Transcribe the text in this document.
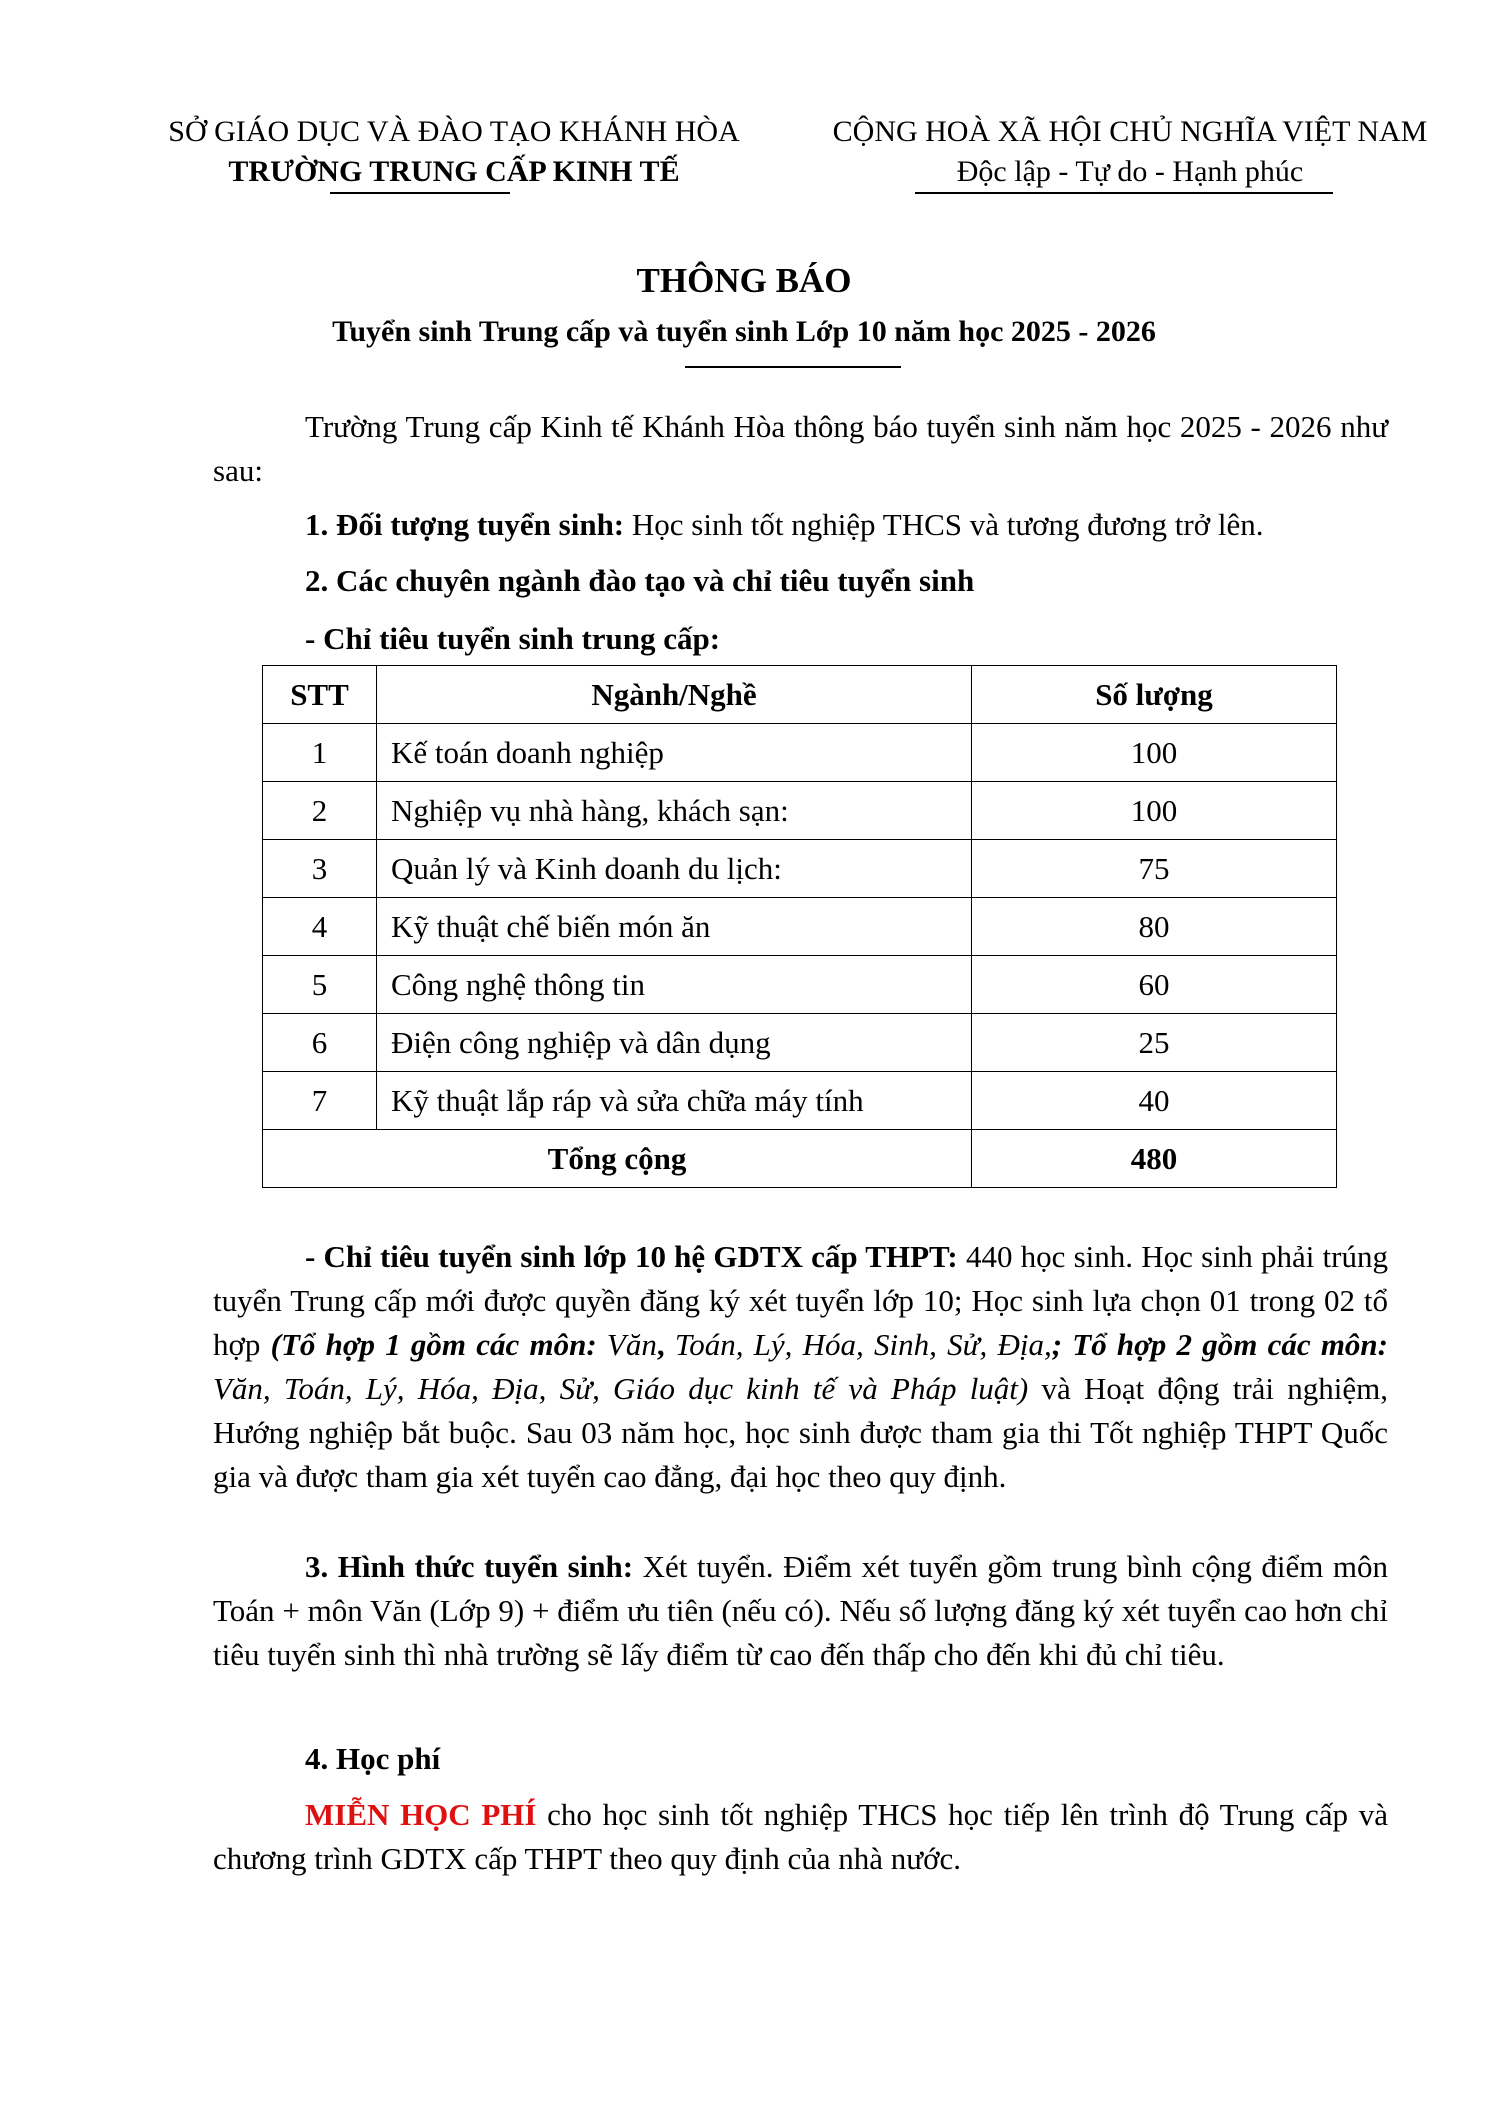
SỞ GIÁO DỤC VÀ ĐÀO TẠO KHÁNH HÒA
TRƯỜNG TRUNG CẤP KINH TẾ
CỘNG HOÀ XÃ HỘI CHỦ NGHĨA VIỆT NAM
Độc lập - Tự do - Hạnh phúc
THÔNG BÁO
Tuyển sinh Trung cấp và tuyển sinh Lớp 10 năm học 2025 - 2026
Trường Trung cấp Kinh tế Khánh Hòa thông báo tuyển sinh năm học 2025 - 2026 như sau:
1. Đối tượng tuyển sinh: Học sinh tốt nghiệp THCS và tương đương trở lên.
2. Các chuyên ngành đào tạo và chỉ tiêu tuyển sinh
- Chỉ tiêu tuyển sinh trung cấp:
STT	Ngành/Nghề	Số lượng
1	Kế toán doanh nghiệp	100
2	Nghiệp vụ nhà hàng, khách sạn:	100
3	Quản lý và Kinh doanh du lịch:	75
4	Kỹ thuật chế biến món ăn	80
5	Công nghệ thông tin	60
6	Điện công nghiệp và dân dụng	25
7	Kỹ thuật lắp ráp và sửa chữa máy tính	40
Tổng cộng		480
- Chỉ tiêu tuyển sinh lớp 10 hệ GDTX cấp THPT: 440 học sinh. Học sinh phải trúng tuyển Trung cấp mới được quyền đăng ký xét tuyển lớp 10; Học sinh lựa chọn 01 trong 02 tổ hợp (Tổ hợp 1 gồm các môn: Văn, Toán, Lý, Hóa, Sinh, Sử, Địa,; Tổ hợp 2 gồm các môn: Văn, Toán, Lý, Hóa, Địa, Sử, Giáo dục kinh tế và Pháp luật) và Hoạt động trải nghiệm, Hướng nghiệp bắt buộc. Sau 03 năm học, học sinh được tham gia thi Tốt nghiệp THPT Quốc gia và được tham gia xét tuyển cao đẳng, đại học theo quy định.
3. Hình thức tuyển sinh: Xét tuyển. Điểm xét tuyển gồm trung bình cộng điểm môn Toán + môn Văn (Lớp 9) + điểm ưu tiên (nếu có). Nếu số lượng đăng ký xét tuyển cao hơn chỉ tiêu tuyển sinh thì nhà trường sẽ lấy điểm từ cao đến thấp cho đến khi đủ chỉ tiêu.
4. Học phí
MIỄN HỌC PHÍ cho học sinh tốt nghiệp THCS học tiếp lên trình độ Trung cấp và chương trình GDTX cấp THPT theo quy định của nhà nước.
